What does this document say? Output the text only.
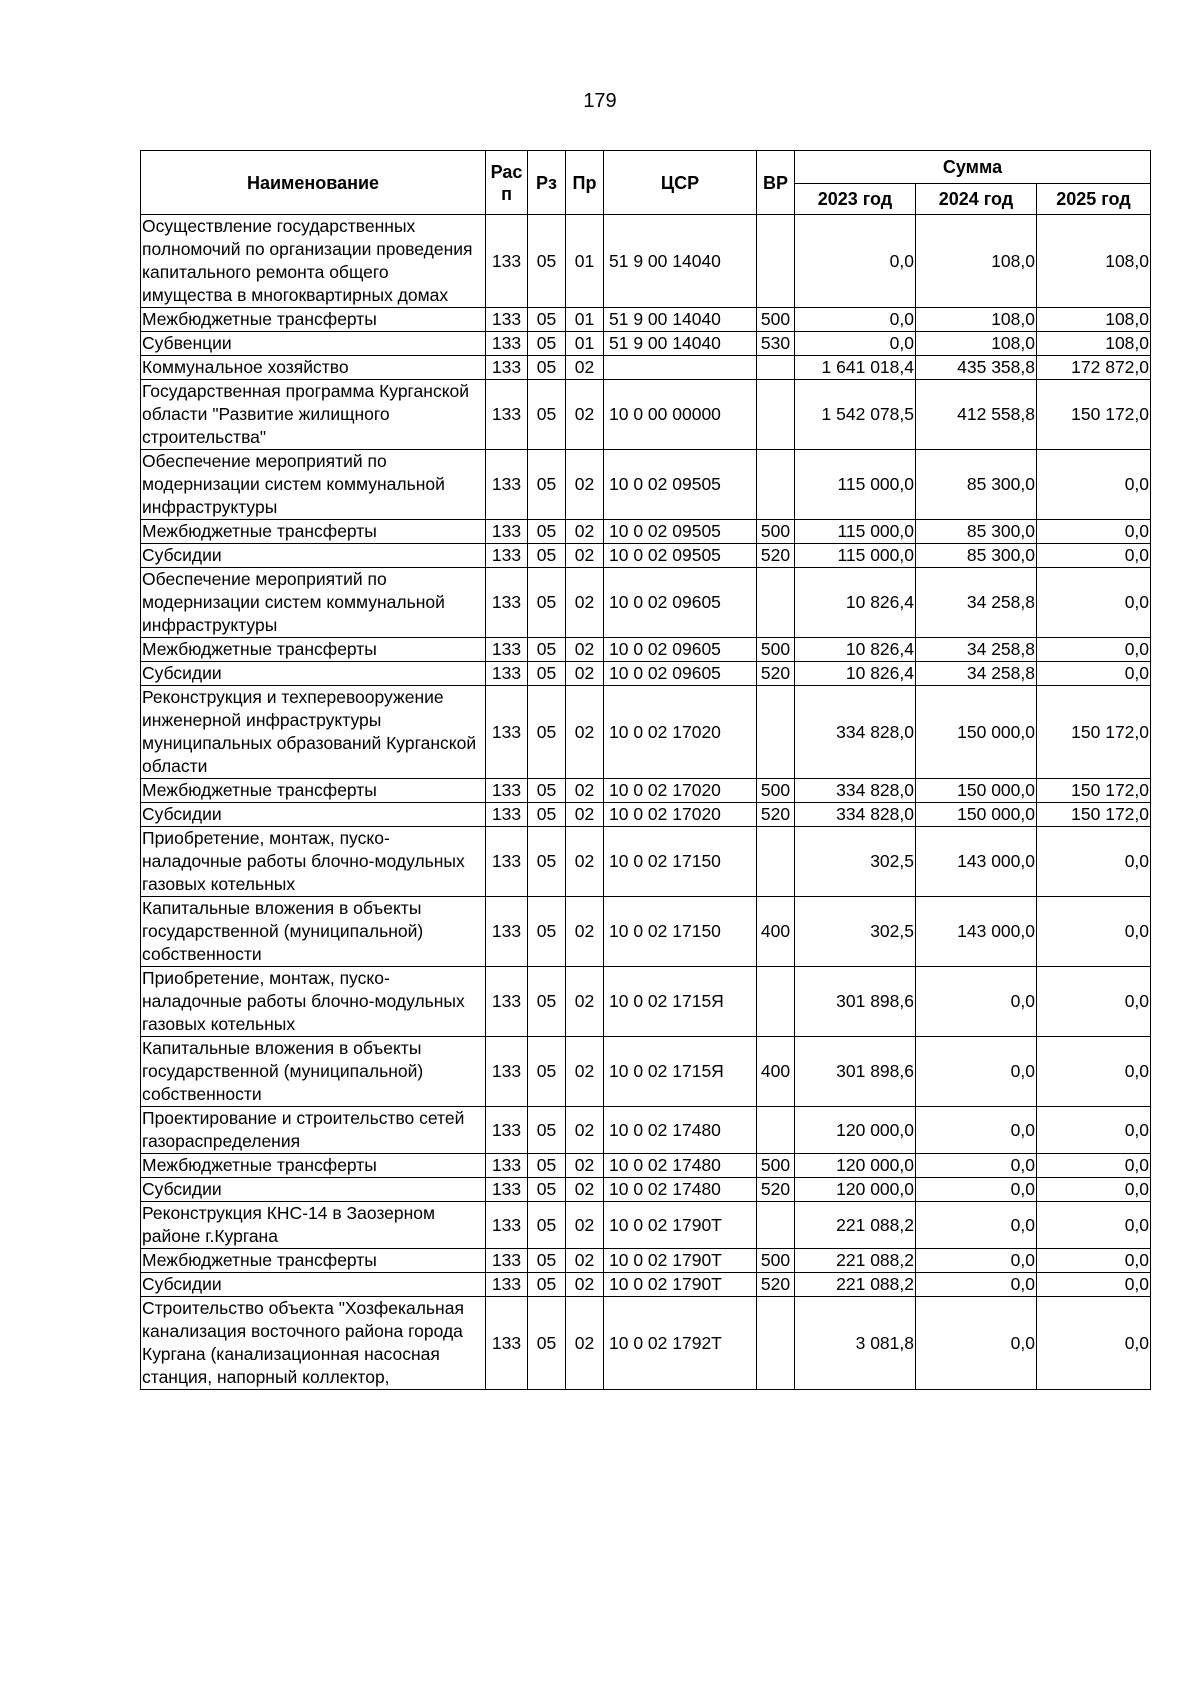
179
Наименование	Рас п	Рз	Пр	ЦСР	ВР	Сумма		
						2023 год	2024 год	2025 год
Осуществление государственных полномочий по организации проведения капитального ремонта общего имущества в многоквартирных домах	133	05	01	51 9 00 14040		0,0	108,0	108,0
Межбюджетные трансферты	133	05	01	51 9 00 14040	500	0,0	108,0	108,0
Субвенции	133	05	01	51 9 00 14040	530	0,0	108,0	108,0
Коммунальное хозяйство	133	05	02			1 641 018,4	435 358,8	172 872,0
Государственная программа Курганской области "Развитие жилищного строительства"	133	05	02	10 0 00 00000		1 542 078,5	412 558,8	150 172,0
Обеспечение мероприятий по модернизации систем коммунальной инфраструктуры	133	05	02	10 0 02 09505		115 000,0	85 300,0	0,0
Межбюджетные трансферты	133	05	02	10 0 02 09505	500	115 000,0	85 300,0	0,0
Субсидии	133	05	02	10 0 02 09505	520	115 000,0	85 300,0	0,0
Обеспечение мероприятий по модернизации систем коммунальной инфраструктуры	133	05	02	10 0 02 09605		10 826,4	34 258,8	0,0
Межбюджетные трансферты	133	05	02	10 0 02 09605	500	10 826,4	34 258,8	0,0
Субсидии	133	05	02	10 0 02 09605	520	10 826,4	34 258,8	0,0
Реконструкция и техперевооружение инженерной инфраструктуры муниципальных образований Курганской области	133	05	02	10 0 02 17020		334 828,0	150 000,0	150 172,0
Межбюджетные трансферты	133	05	02	10 0 02 17020	500	334 828,0	150 000,0	150 172,0
Субсидии	133	05	02	10 0 02 17020	520	334 828,0	150 000,0	150 172,0
Приобретение, монтаж, пуско-наладочные работы блочно-модульных газовых котельных	133	05	02	10 0 02 17150		302,5	143 000,0	0,0
Капитальные вложения в объекты государственной (муниципальной) собственности	133	05	02	10 0 02 17150	400	302,5	143 000,0	0,0
Приобретение, монтаж, пуско-наладочные работы блочно-модульных газовых котельных	133	05	02	10 0 02 1715Я		301 898,6	0,0	0,0
Капитальные вложения в объекты государственной (муниципальной) собственности	133	05	02	10 0 02 1715Я	400	301 898,6	0,0	0,0
Проектирование и строительство сетей газораспределения	133	05	02	10 0 02 17480		120 000,0	0,0	0,0
Межбюджетные трансферты	133	05	02	10 0 02 17480	500	120 000,0	0,0	0,0
Субсидии	133	05	02	10 0 02 17480	520	120 000,0	0,0	0,0
Реконструкция КНС-14 в Заозерном районе г.Кургана	133	05	02	10 0 02 1790Т		221 088,2	0,0	0,0
Межбюджетные трансферты	133	05	02	10 0 02 1790Т	500	221 088,2	0,0	0,0
Субсидии	133	05	02	10 0 02 1790Т	520	221 088,2	0,0	0,0
Строительство объекта "Хозфекальная канализация восточного района города Кургана (канализационная насосная станция, напорный коллектор,	133	05	02	10 0 02 1792Т		3 081,8	0,0	0,0
